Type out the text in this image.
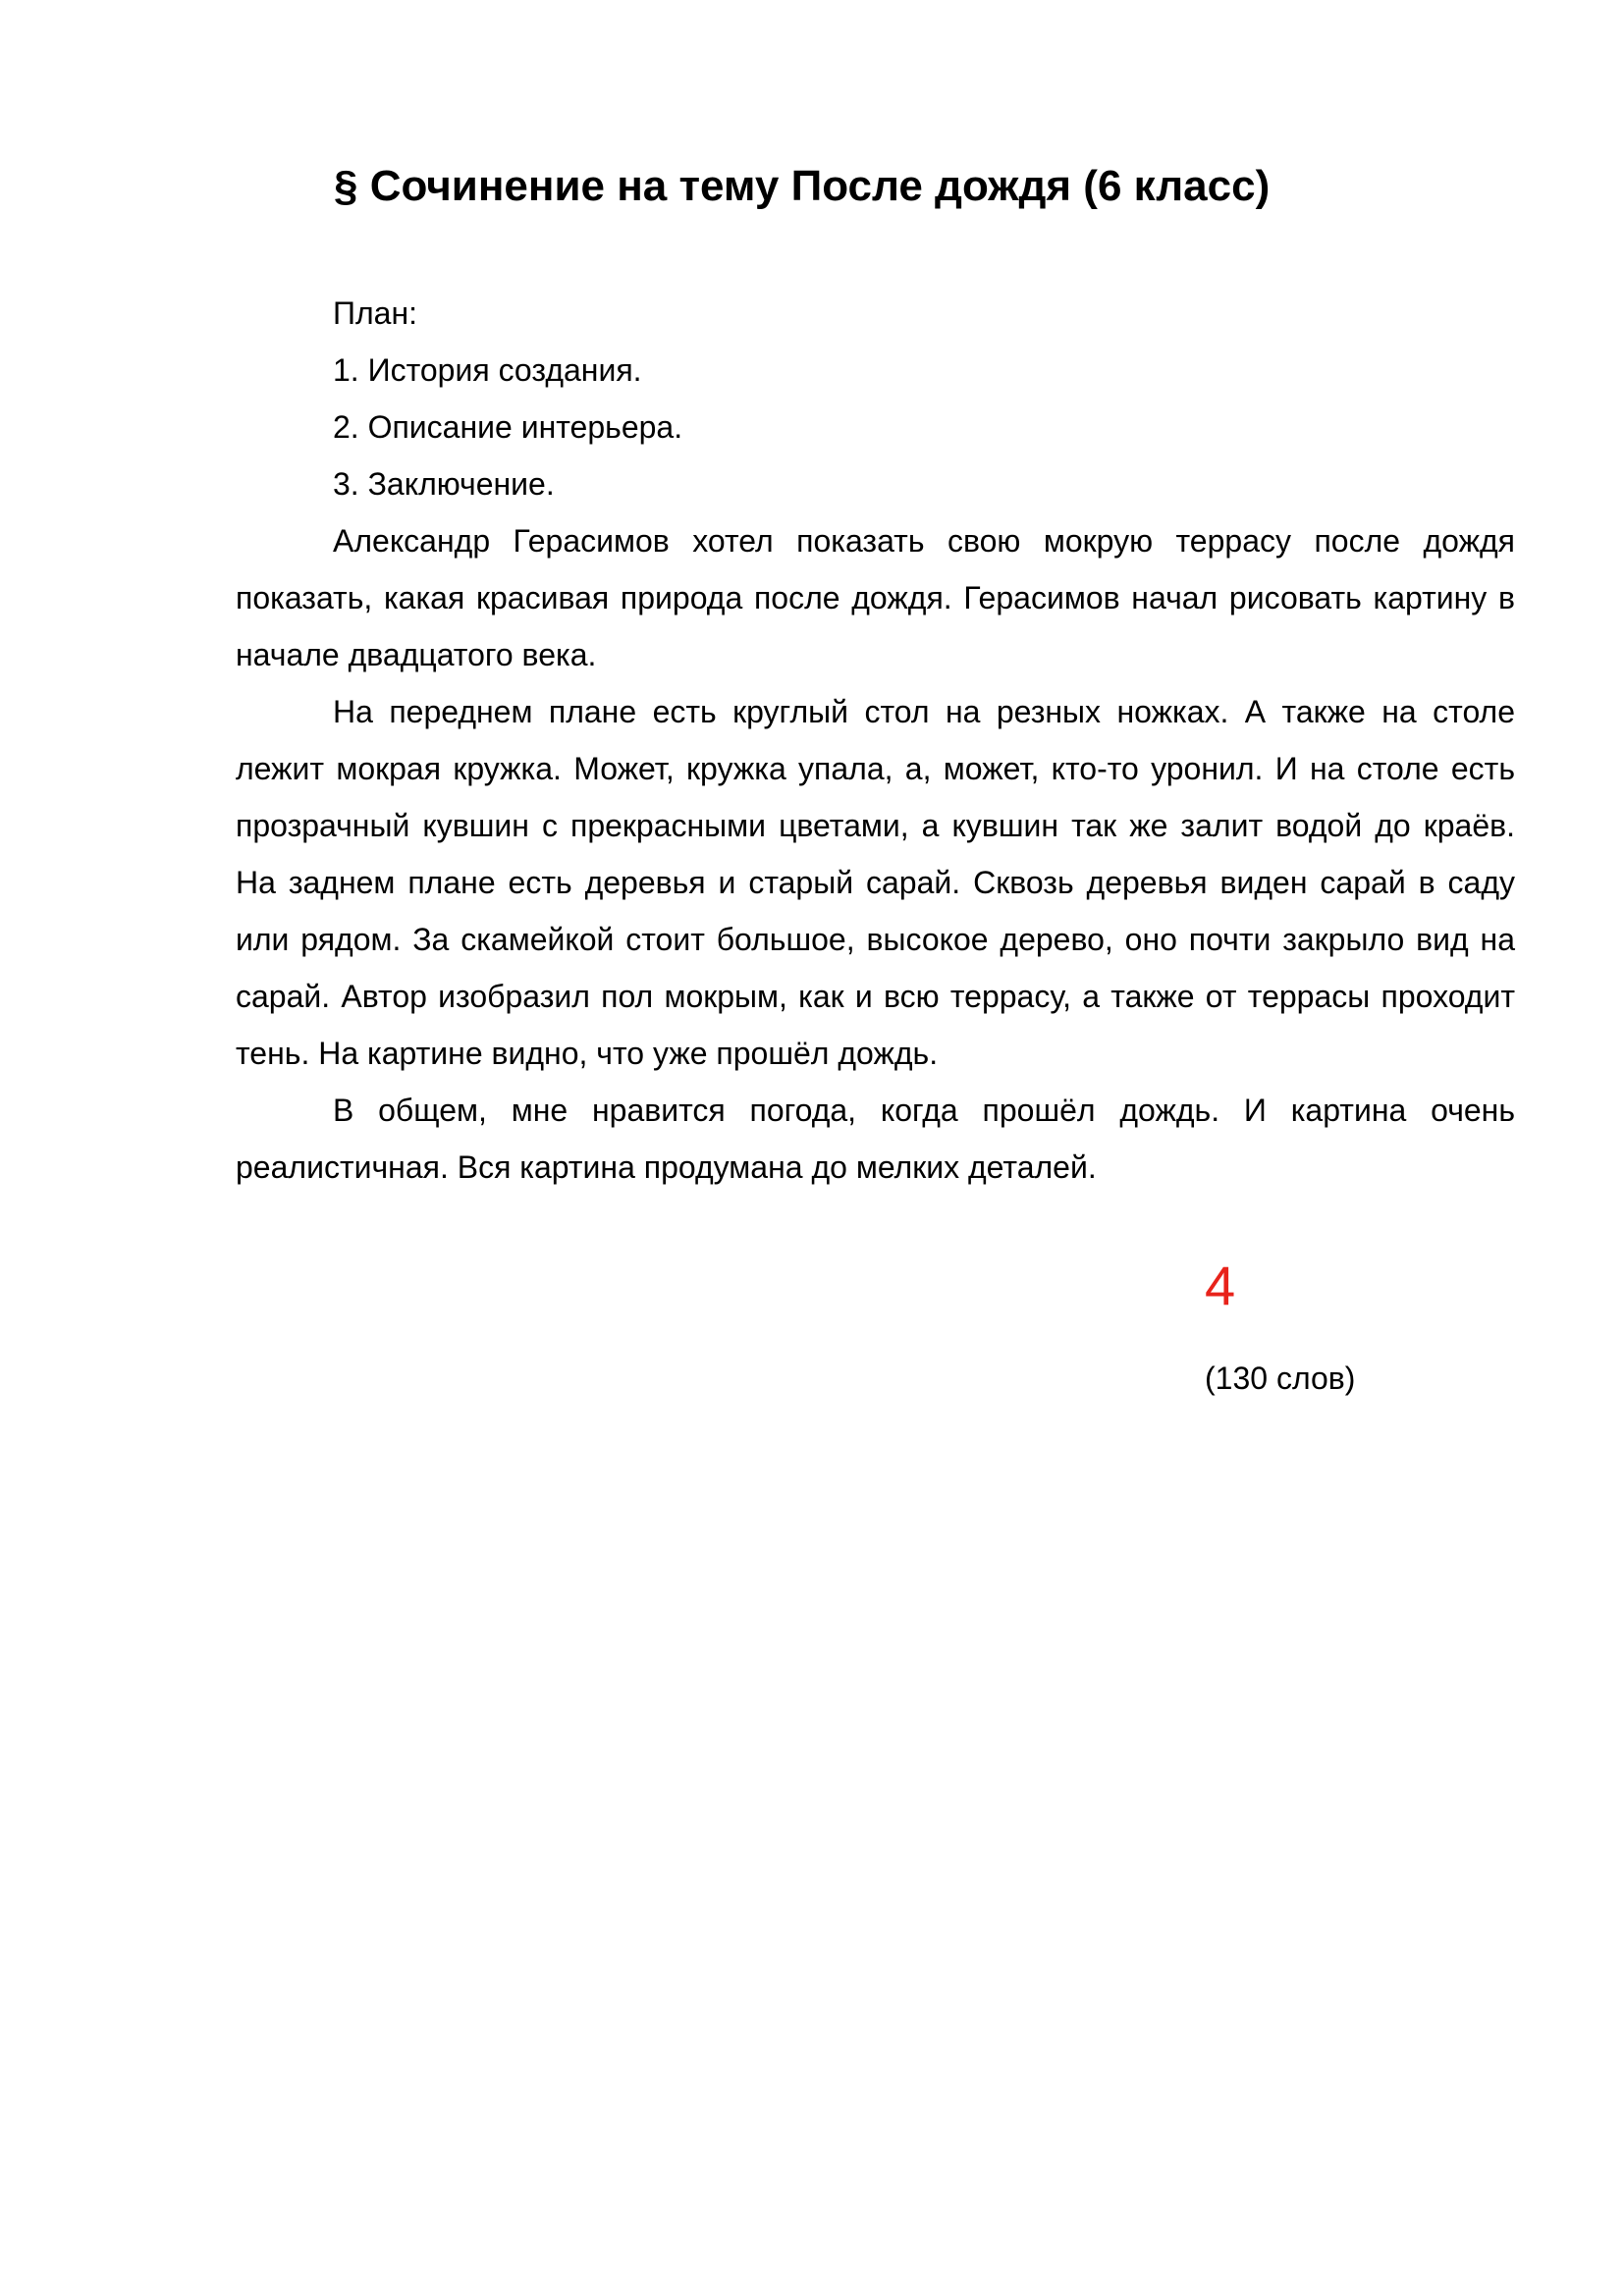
§ Сочинение на тему После дождя (6 класс)

План:

1. История создания.

2. Описание интерьера.

3. Заключение.

Александр Герасимов хотел показать свою мокрую террасу после дождя показать, какая красивая природа после дождя. Герасимов начал рисовать картину в начале двадцатого века.

На переднем плане есть круглый стол на резных ножках. А также на столе лежит мокрая кружка. Может, кружка упала, а, может, кто-то уронил. И на столе есть прозрачный кувшин с прекрасными цветами, а кувшин так же залит водой до краёв. На заднем плане есть деревья и старый сарай. Сквозь деревья виден сарай в саду или рядом. За скамейкой стоит большое, высокое дерево, оно почти закрыло вид на сарай. Автор изобразил пол мокрым, как и всю террасу, а также от террасы проходит тень. На картине видно, что уже прошёл дождь.

В общем, мне нравится погода, когда прошёл дождь. И картина очень реалистичная. Вся картина продумана до мелких деталей.

4
(130 слов)
